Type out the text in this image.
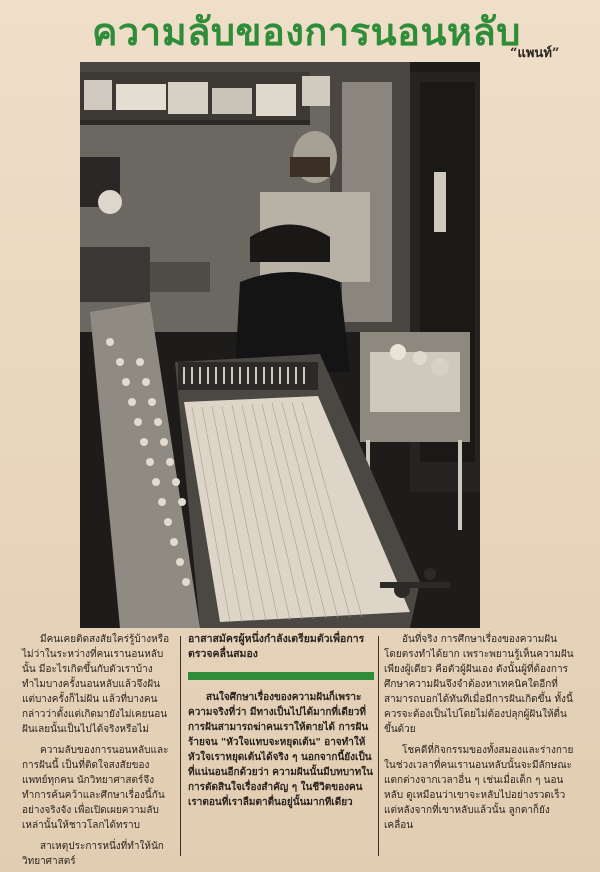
ความลับของการนอนหลับ
“แพนท์”

มีคนเคยติดสงสัยใคร่รู้บ้างหรือไม่ว่าในระหว่างที่คนเรานอนหลับนั้น มีอะไรเกิดขึ้นกับตัวเราบ้าง ทำไมบางครั้งนอนหลับแล้วจึงฝัน แต่บางครั้งก็ไม่ฝัน แล้วที่บางคนกล่าวว่าตั้งแต่เกิดมายังไม่เคยนอนฝันเลยนั้นเป็นไปได้จริงหรือไม่

ความลับของการนอนหลับและการฝันนี้ เป็นที่ติดใจสงสัยของแพทย์ทุกคน นักวิทยาศาสตร์จึงทำการค้นคว้าและศึกษาเรื่องนี้กันอย่างจริงจัง เพื่อเปิดเผยความลับเหล่านั้นให้ชาวโลกได้ทราบ

สาเหตุประการหนึ่งที่ทำให้นักวิทยาศาสตร์

อาสาสมัครผู้หนึ่งกำลังเตรียมตัวเพื่อการตรวจคลื่นสมอง

สนใจศึกษาเรื่องของความฝันก็เพราะความจริงที่ว่า มีทางเป็นไปได้มากที่เดียวที่การฝันสามารถฆ่าคนเราให้ตายได้ การฝันร้ายจน "หัวใจแทบจะหยุดเต้น" อาจทำให้หัวใจเราหยุดเต้นได้จริง ๆ นอกจากนี้ยังเป็นที่แน่นอนอีกด้วยว่า ความฝันนั้นมีบทบาทในการตัดสินใจเรื่องสำคัญ ๆ ในชีวิตของคนเราตอนที่เราลืมตาตื่นอยู่นั้นมากทีเดียว

อันที่จริง การศึกษาเรื่องของความฝันโดยตรงทำได้ยาก เพราะพยานรู้เห็นความฝันเพียงผู้เดียว คือตัวผู้ฝันเอง ดังนั้นผู้ที่ต้องการศึกษาความฝันจึงจำต้องหาเทคนิคใดอีกที่สามารถบอกได้ทันทีเมื่อมีการฝันเกิดขึ้น ทั้งนี้ควรจะต้องเป็นไปโดยไม่ต้องปลุกผู้ฝันให้ตื่นขึ้นด้วย

โชคดีที่กิจกรรมของทั้งสมองและร่างกายในช่วงเวลาที่คนเรานอนหลับนั้นจะมีลักษณะแตกต่างจากเวลาอื่น ๆ เช่นเมื่อเด็ก ๆ นอนหลับ ดูเหมือนว่าเขาจะหลับไปอย่างรวดเร็ว แต่หลังจากที่เขาหลับแล้วนั้น ลูกตาก็ยังเคลื่อน
